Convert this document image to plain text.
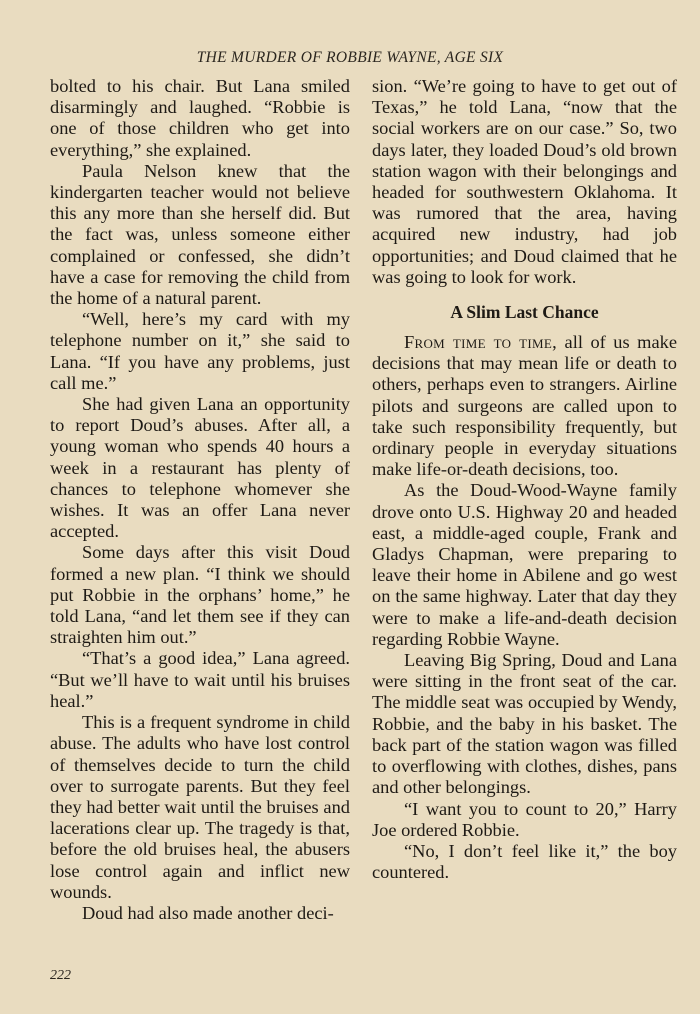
THE MURDER OF ROBBIE WAYNE, AGE SIX

bolted to his chair. But Lana smiled disarmingly and laughed. “Robbie is one of those children who get into everything,” she explained.

Paula Nelson knew that the kindergarten teacher would not believe this any more than she herself did. But the fact was, unless someone either complained or confessed, she didn’t have a case for removing the child from the home of a natural parent.

“Well, here’s my card with my telephone number on it,” she said to Lana. “If you have any problems, just call me.”

She had given Lana an opportunity to report Doud’s abuses. After all, a young woman who spends 40 hours a week in a restaurant has plenty of chances to telephone whomever she wishes. It was an offer Lana never accepted.

Some days after this visit Doud formed a new plan. “I think we should put Robbie in the orphans’ home,” he told Lana, “and let them see if they can straighten him out.”

“That’s a good idea,” Lana agreed. “But we’ll have to wait until his bruises heal.”

This is a frequent syndrome in child abuse. The adults who have lost control of themselves decide to turn the child over to surrogate parents. But they feel they had better wait until the bruises and lacerations clear up. The tragedy is that, before the old bruises heal, the abusers lose control again and inflict new wounds.

Doud had also made another deci-

sion. “We’re going to have to get out of Texas,” he told Lana, “now that the social workers are on our case.” So, two days later, they loaded Doud’s old brown station wagon with their belongings and headed for southwestern Oklahoma. It was rumored that the area, having acquired new industry, had job opportunities; and Doud claimed that he was going to look for work.

A Slim Last Chance

From time to time, all of us make decisions that may mean life or death to others, perhaps even to strangers. Airline pilots and surgeons are called upon to take such responsibility frequently, but ordinary people in everyday situations make life-or-death decisions, too.

As the Doud-Wood-Wayne family drove onto U.S. Highway 20 and headed east, a middle-aged couple, Frank and Gladys Chapman, were preparing to leave their home in Abilene and go west on the same highway. Later that day they were to make a life-and-death decision regarding Robbie Wayne.

Leaving Big Spring, Doud and Lana were sitting in the front seat of the car. The middle seat was occupied by Wendy, Robbie, and the baby in his basket. The back part of the station wagon was filled to overflowing with clothes, dishes, pans and other belongings.

“I want you to count to 20,” Harry Joe ordered Robbie.

“No, I don’t feel like it,” the boy countered.

222
